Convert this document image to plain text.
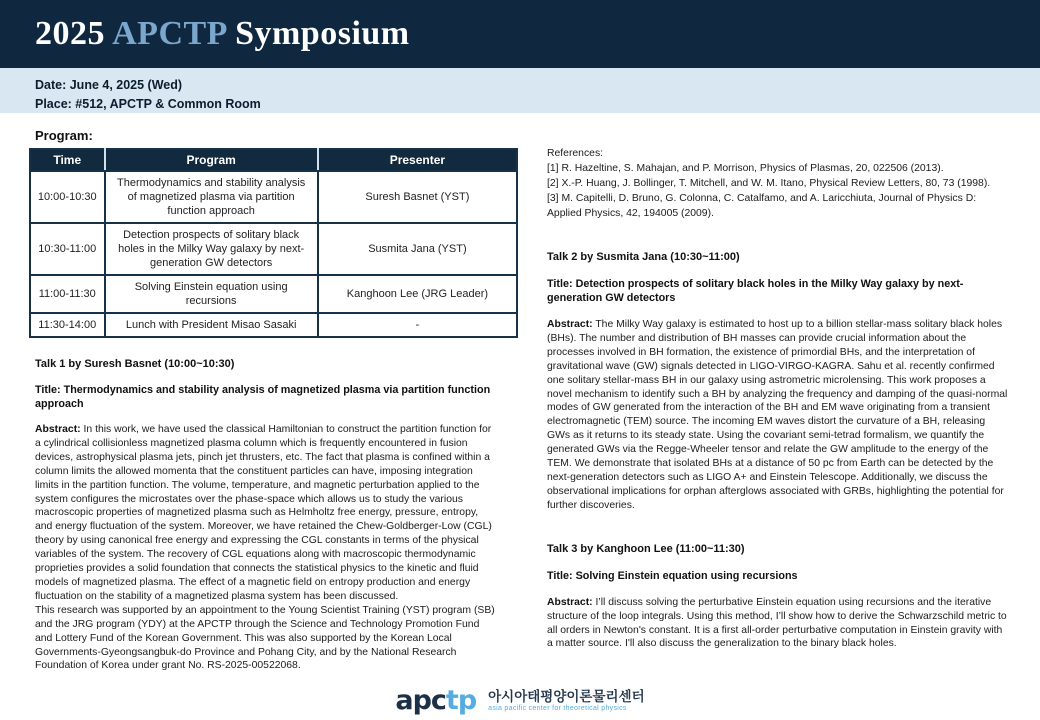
2025 APCTP Symposium

Date: June 4, 2025 (Wed)

Place: #512, APCTP & Common Room

Program:

Time	Program	Presenter
10:00-10:30	Thermodynamics and stability analysis of magnetized plasma via partition function approach	Suresh Basnet (YST)
10:30-11:00	Detection prospects of solitary black holes in the Milky Way galaxy by next-generation GW detectors	Susmita Jana (YST)
11:00-11:30	Solving Einstein equation using recursions	Kanghoon Lee (JRG Leader)
11:30-14:00	Lunch with President Misao Sasaki	-

Talk 1 by Suresh Basnet (10:00~10:30)

Title: Thermodynamics and stability analysis of magnetized plasma via partition function approach

Abstract: In this work, we have used the classical Hamiltonian to construct the partition function for a cylindrical collisionless magnetized plasma column which is frequently encountered in fusion devices, astrophysical plasma jets, pinch jet thrusters, etc. The fact that plasma is confined within a column limits the allowed momenta that the constituent particles can have, imposing integration limits in the partition function. The volume, temperature, and magnetic perturbation applied to the system configures the microstates over the phase-space which allows us to study the various macroscopic properties of magnetized plasma such as Helmholtz free energy, pressure, entropy, and energy fluctuation of the system. Moreover, we have retained the Chew-Goldberger-Low (CGL) theory by using canonical free energy and expressing the CGL constants in terms of the physical variables of the system. The recovery of CGL equations along with macroscopic thermodynamic proprieties provides a solid foundation that connects the statistical physics to the kinetic and fluid models of magnetized plasma. The effect of a magnetic field on entropy production and energy fluctuation on the stability of a magnetized plasma system has been discussed.

This research was supported by an appointment to the Young Scientist Training (YST) program (SB) and the JRG program (YDY) at the APCTP through the Science and Technology Promotion Fund and Lottery Fund of the Korean Government. This was also supported by the Korean Local Governments-Gyeongsangbuk-do Province and Pohang City, and by the National Research Foundation of Korea under grant No. RS-2025-00522068.

References:
[1] R. Hazeltine, S. Mahajan, and P. Morrison, Physics of Plasmas, 20, 022506 (2013).
[2] X.-P. Huang, J. Bollinger, T. Mitchell, and W. M. Itano, Physical Review Letters, 80, 73 (1998).
[3] M. Capitelli, D. Bruno, G. Colonna, C. Catalfamo, and A. Laricchiuta, Journal of Physics D: Applied Physics, 42, 194005 (2009).

Talk 2 by Susmita Jana (10:30~11:00)

Title: Detection prospects of solitary black holes in the Milky Way galaxy by next-generation GW detectors

Abstract: The Milky Way galaxy is estimated to host up to a billion stellar-mass solitary black holes (BHs). The number and distribution of BH masses can provide crucial information about the processes involved in BH formation, the existence of primordial BHs, and the interpretation of gravitational wave (GW) signals detected in LIGO-VIRGO-KAGRA. Sahu et al. recently confirmed one solitary stellar-mass BH in our galaxy using astrometric microlensing. This work proposes a novel mechanism to identify such a BH by analyzing the frequency and damping of the quasi-normal modes of GW generated from the interaction of the BH and EM wave originating from a transient electromagnetic (TEM) source. The incoming EM waves distort the curvature of a BH, releasing GWs as it returns to its steady state. Using the covariant semi-tetrad formalism, we quantify the generated GWs via the Regge-Wheeler tensor and relate the GW amplitude to the energy of the TEM. We demonstrate that isolated BHs at a distance of 50 pc from Earth can be detected by the next-generation detectors such as LIGO A+ and Einstein Telescope. Additionally, we discuss the observational implications for orphan afterglows associated with GRBs, highlighting the potential for further discoveries.

Talk 3 by Kanghoon Lee (11:00~11:30)

Title: Solving Einstein equation using recursions

Abstract: I’ll discuss solving the perturbative Einstein equation using recursions and the iterative structure of the loop integrals. Using this method, I’ll show how to derive the Schwarzschild metric to all orders in Newton's constant. It is a first all-order perturbative computation in Einstein gravity with a matter source. I'll also discuss the generalization to the binary black holes.

apctp 아시아태평양이론물리센터
asia pacific center for theoretical physics
